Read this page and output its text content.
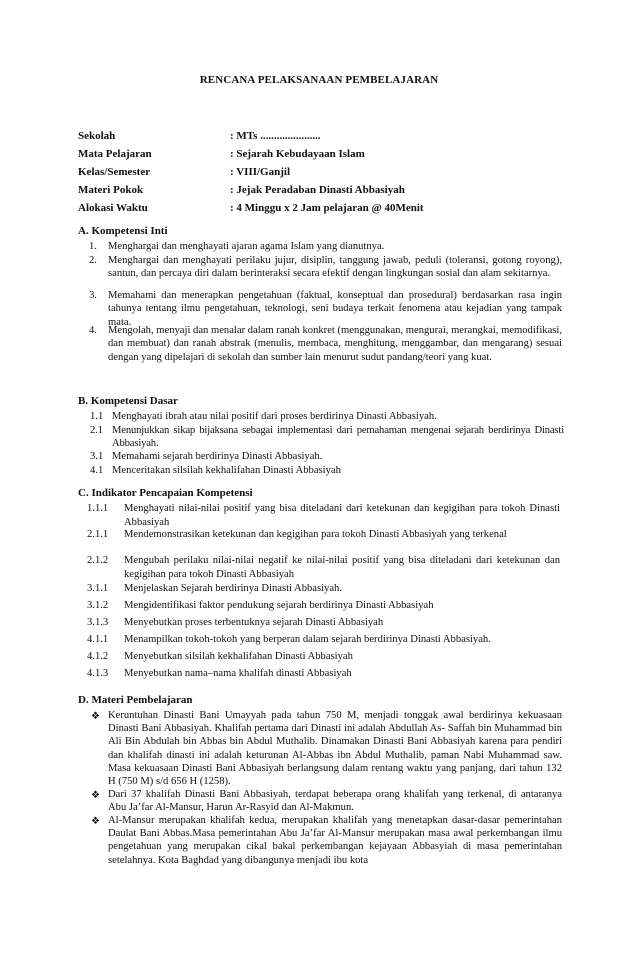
RENCANA PELAKSANAAN PEMBELAJARAN
Sekolah	: MTs ......................
Mata Pelajaran	: Sejarah Kebudayaan Islam
Kelas/Semester	: VIII/Ganjil
Materi Pokok	: Jejak Peradaban Dinasti Abbasiyah
Alokasi Waktu	: 4 Minggu x 2 Jam pelajaran @ 40Menit
A. Kompetensi Inti
1. Menghargai dan menghayati ajaran agama Islam yang dianutnya.
2. Menghargai dan menghayati perilaku jujur, disiplin, tanggung jawab, peduli (toleransi, gotong royong), santun, dan percaya diri dalam berinteraksi secara efektif dengan lingkungan sosial dan alam sekitarnya.
3. Memahami dan menerapkan pengetahuan (faktual, konseptual dan prosedural) berdasarkan rasa ingin tahunya tentang ilmu pengetahuan, teknologi, seni budaya terkait fenomena atau kejadian yang tampak mata.
4. Mengolah, menyaji dan menalar dalam ranah konkret (menggunakan, mengurai, merangkai, memodifikasi, dan membuat) dan ranah abstrak (menulis, membaca, menghitung, menggambar, dan mengarang) sesuai dengan yang dipelajari di sekolah dan sumber lain menurut sudut pandang/teori yang kuat.
B. Kompetensi Dasar
1.1 Menghayati ibrah atau nilai positif dari proses berdirinya Dinasti Abbasiyah.
2.1 Menunjukkan sikap bijaksana sebagai implementasi dari pemahaman mengenai sejarah berdirinya Dinasti Abbasiyah.
3.1 Memahami sejarah berdirinya Dinasti Abbasiyah.
4.1 Menceritakan silsilah kekhalifahan Dinasti Abbasiyah
C. Indikator Pencapaian Kompetensi
1.1.1 Menghayati nilai-nilai positif yang bisa diteladani dari ketekunan dan kegigihan para tokoh Dinasti Abbasiyah
2.1.1 Mendemonstrasikan ketekunan dan kegigihan para tokoh Dinasti Abbasiyah yang terkenal
2.1.2 Mengubah perilaku nilai-nilai negatif ke nilai-nilai positif yang bisa diteladani dari ketekunan dan kegigihan para tokoh Dinasti Abbasiyah
3.1.1 Menjelaskan Sejarah berdirinya Dinasti Abbasiyah.
3.1.2 Mengidentifikasi faktor pendukung sejarah berdirinya Dinasti Abbasiyah
3.1.3 Menyebutkan proses terbentuknya sejarah Dinasti Abbasiyah
4.1.1 Menampilkan tokoh-tokoh yang berperan dalam sejarah berdirinya Dinasti Abbasiyah.
4.1.2 Menyebutkan silsilah kekhalifahan Dinasti Abbasiyah
4.1.3 Menyebutkan nama–nama khalifah dinasti Abbasiyah
D. Materi Pembelajaran
❖ Keruntuhan Dinasti Bani Umayyah pada tahun 750 M, menjadi tonggak awal berdirinya kekuasaan Dinasti Bani Abbasiyah. Khalifah pertama dari Dinasti ini adalah Abdullah As- Saffah bin Muhammad bin Ali Bin Abdulah bin Abbas bin Abdul Muthalib. Dinamakan Dinasti Bani Abbasiyah karena para pendiri dan khalifah dinasti ini adalah keturunan Al-Abbas ibn Abdul Muthalib, paman Nabi Muhammad saw. Masa kekuasaan Dinasti Bani Abbasiyah berlangsung dalam rentang waktu yang panjang, dari tahun 132 H (750 M) s/d 656 H (1258).
❖ Dari 37 khalifah Dinasti Bani Abbasiyah, terdapat beberapa orang khalifah yang terkenal, di antaranya Abu Ja’far Al-Mansur, Harun Ar-Rasyid dan Al-Makmun.
❖ Al-Mansur merupakan khalifah kedua, merupakan khalifah yang menetapkan dasar-dasar pemerintahan Daulat Bani Abbas.Masa pemerintahan Abu Ja’far Al-Mansur merupakan masa awal perkembangan ilmu pengetahuan yang merupakan cikal bakal perkembangan kejayaan Abbasyiah di masa pemerintahan setelahnya. Kota Baghdad yang dibangunya menjadi ibu kota
